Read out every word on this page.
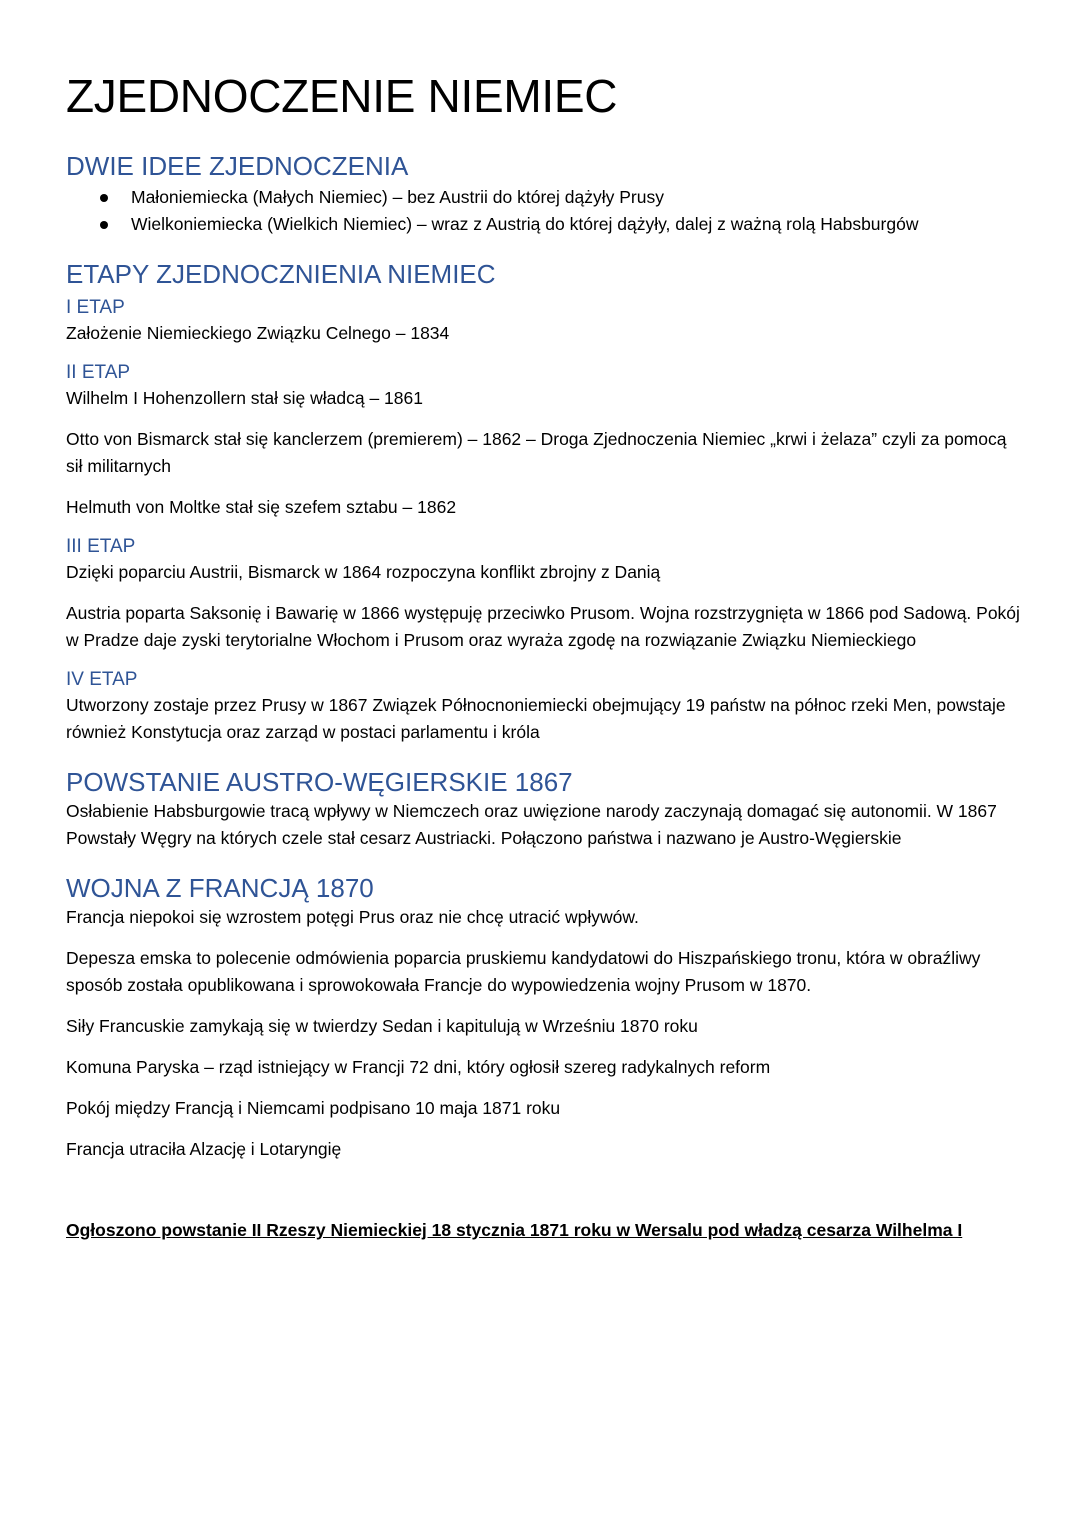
ZJEDNOCZENIE NIEMIEC
DWIE IDEE ZJEDNOCZENIA
Małoniemiecka (Małych Niemiec) – bez Austrii do której dążyły Prusy
Wielkoniemiecka (Wielkich Niemiec) – wraz z Austrią do której dążyły, dalej z ważną rolą Habsburgów
ETAPY ZJEDNOCZNIENIA NIEMIEC
I ETAP

Założenie Niemieckiego Związku Celnego – 1834

II ETAP

Wilhelm I Hohenzollern stał się władcą – 1861

Otto von Bismarck stał się kanclerzem (premierem) – 1862 – Droga Zjednoczenia Niemiec „krwi i żelaza” czyli za pomocą sił militarnych

Helmuth von Moltke stał się szefem sztabu – 1862

III ETAP

Dzięki poparciu Austrii, Bismarck w 1864 rozpoczyna konflikt zbrojny z Danią

Austria poparta Saksonię i Bawarię w 1866 występuję przeciwko Prusom. Wojna rozstrzygnięta w 1866 pod Sadową. Pokój w Pradze daje zyski terytorialne Włochom i Prusom oraz wyraża zgodę na rozwiązanie Związku Niemieckiego

IV ETAP

Utworzony zostaje przez Prusy w 1867 Związek Północnoniemiecki obejmujący 19 państw na północ rzeki Men, powstaje również Konstytucja oraz zarząd w postaci parlamentu i króla

POWSTANIE AUSTRO-WĘGIERSKIE 1867

Osłabienie Habsburgowie tracą wpływy w Niemczech oraz uwięzione narody zaczynają domagać się autonomii. W 1867 Powstały Węgry na których czele stał cesarz Austriacki. Połączono państwa i nazwano je Austro-Węgierskie

WOJNA Z FRANCJĄ 1870

Francja niepokoi się wzrostem potęgi Prus oraz nie chcę utracić wpływów.

Depesza emska to polecenie odmówienia poparcia pruskiemu kandydatowi do Hiszpańskiego tronu, która w obraźliwy sposób została opublikowana i sprowokowała Francje do wypowiedzenia wojny Prusom w 1870.

Siły Francuskie zamykają się w twierdzy Sedan i kapitulują w Wrześniu 1870 roku

Komuna Paryska – rząd istniejący w Francji 72 dni, który ogłosił szereg radykalnych reform

Pokój między Francją i Niemcami podpisano 10 maja 1871 roku

Francja utraciła Alzację i Lotaryngię

Ogłoszono powstanie II Rzeszy Niemieckiej 18 stycznia 1871 roku w Wersalu pod władzą cesarza Wilhelma I
